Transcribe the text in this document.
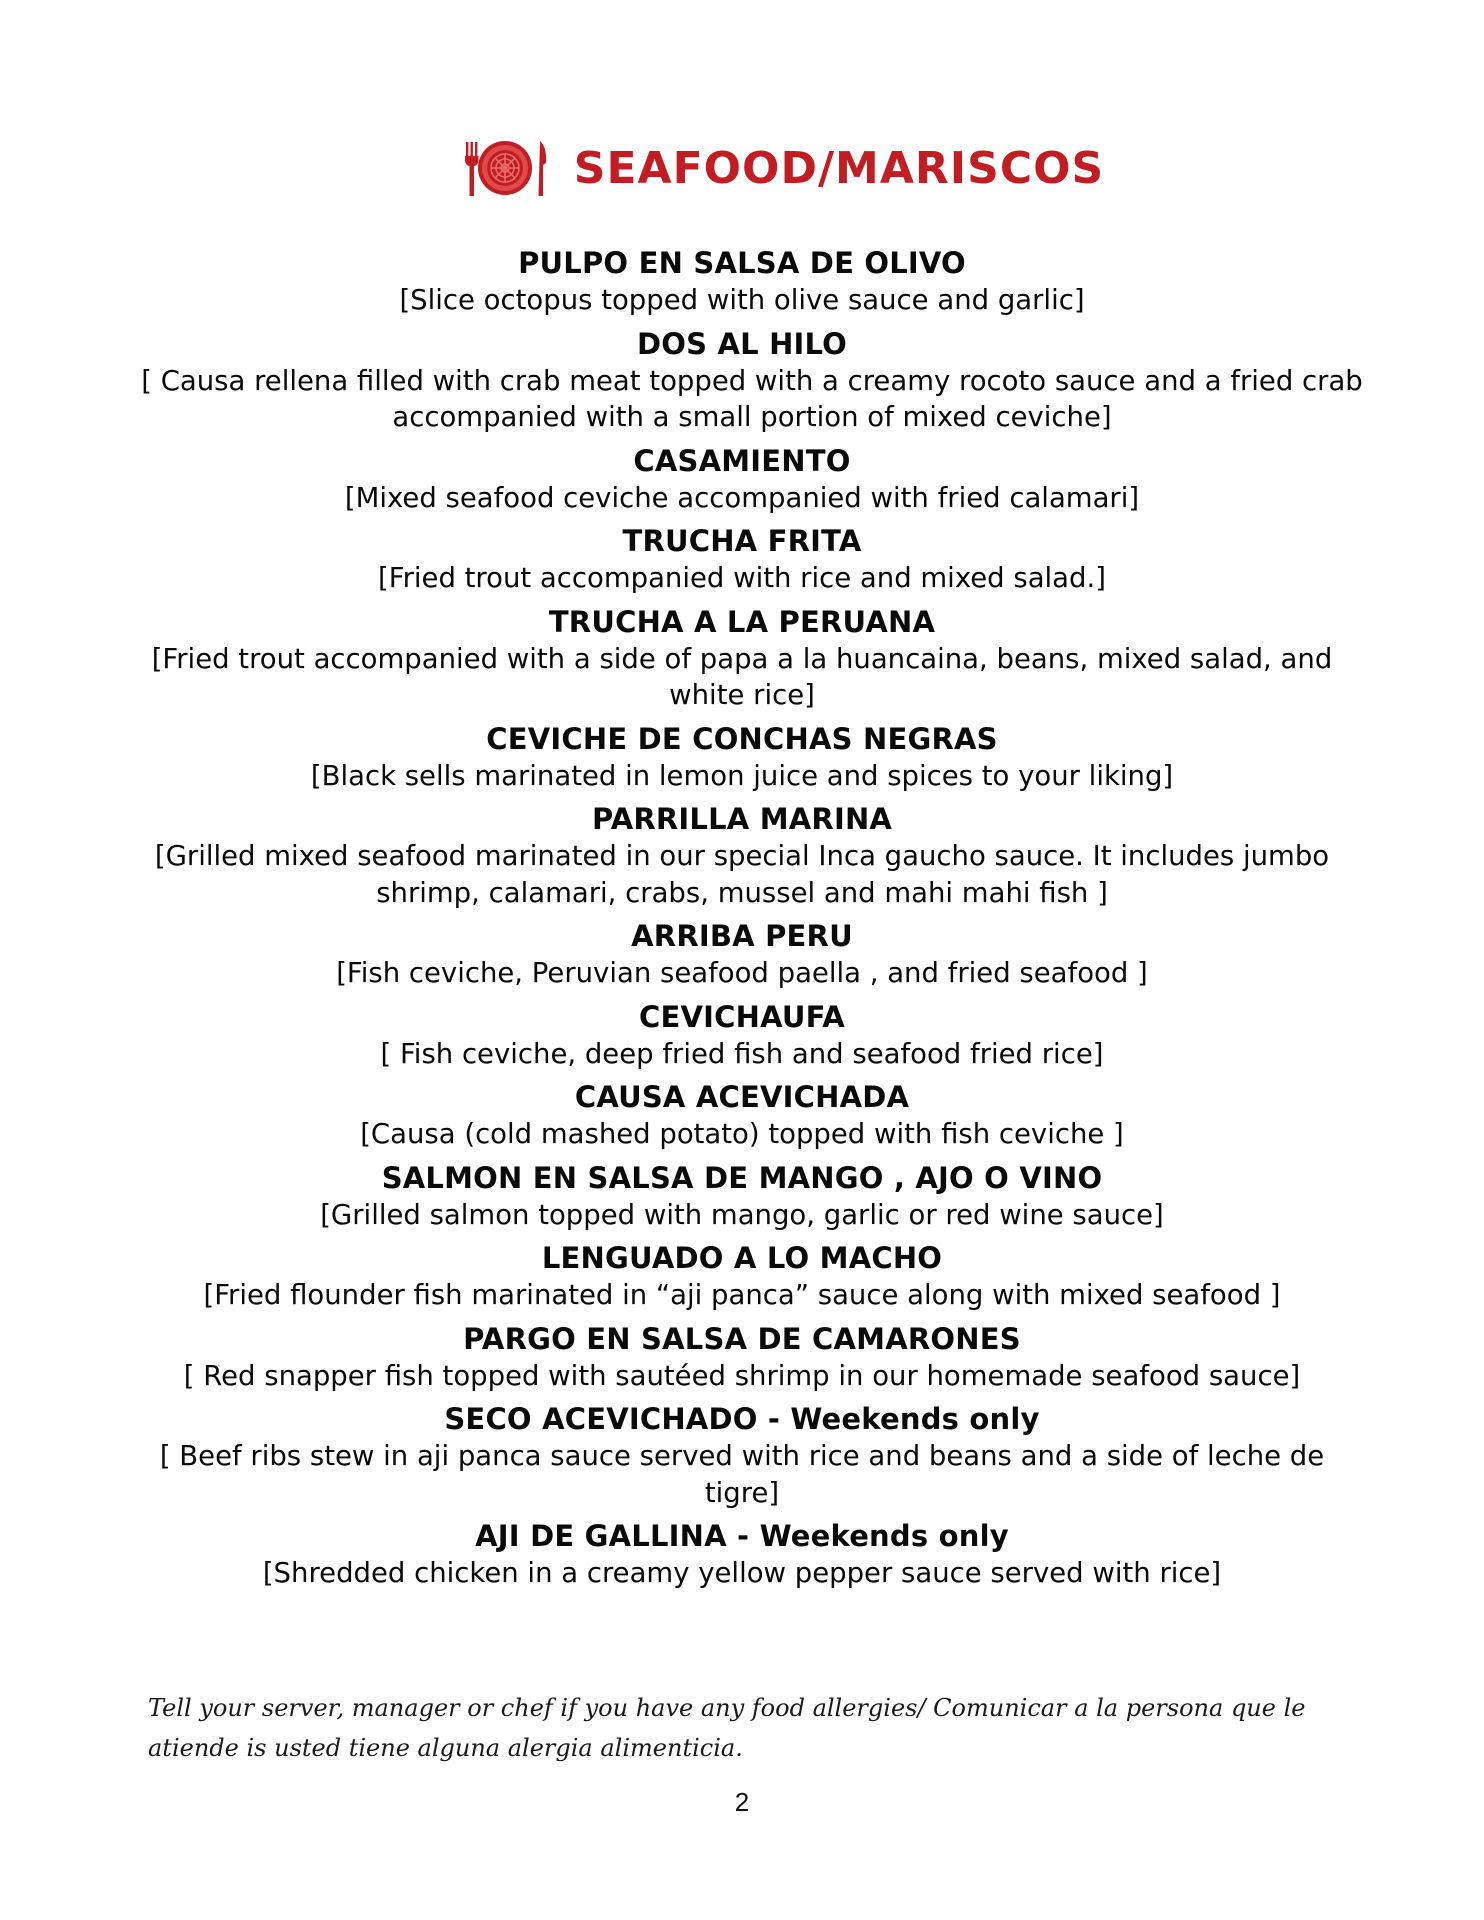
SEAFOOD/MARISCOS
PULPO EN SALSA DE OLIVO
[Slice octopus topped with olive sauce and garlic]
DOS AL HILO
[ Causa rellena filled with crab meat topped with a creamy rocoto sauce and a fried crab accompanied with a small portion of mixed ceviche]
CASAMIENTO
[Mixed seafood ceviche accompanied with fried calamari]
TRUCHA FRITA
[Fried trout accompanied with rice and mixed salad.]
TRUCHA A LA PERUANA
[Fried trout accompanied with a side of papa a la huancaina, beans, mixed salad, and white rice]
CEVICHE DE CONCHAS NEGRAS
[Black sells marinated in lemon juice and spices to your liking]
PARRILLA MARINA
[Grilled mixed seafood marinated in our special Inca gaucho sauce. It includes jumbo shrimp, calamari, crabs, mussel and mahi mahi fish ]
ARRIBA PERU
[Fish ceviche, Peruvian seafood paella , and fried seafood ]
CEVICHAUFA
[ Fish ceviche, deep fried fish and seafood fried rice]
CAUSA ACEVICHADA
[Causa (cold mashed potato) topped with fish ceviche ]
SALMON EN SALSA DE MANGO , AJO O VINO
[Grilled salmon topped with mango, garlic or red wine sauce]
LENGUADO A LO MACHO
[Fried flounder fish marinated in “aji panca” sauce along with mixed seafood ]
PARGO EN SALSA DE CAMARONES
[ Red snapper fish topped with sautéed shrimp in our homemade seafood sauce]
SECO ACEVICHADO - Weekends only
[ Beef ribs stew in aji panca sauce served with rice and beans and a side of leche de tigre]
AJI DE GALLINA - Weekends only
[Shredded chicken in a creamy yellow pepper sauce served with rice]
Tell your server, manager or chef if you have any food allergies/ Comunicar a la persona que le atiende is usted tiene alguna alergia alimenticia.
2
